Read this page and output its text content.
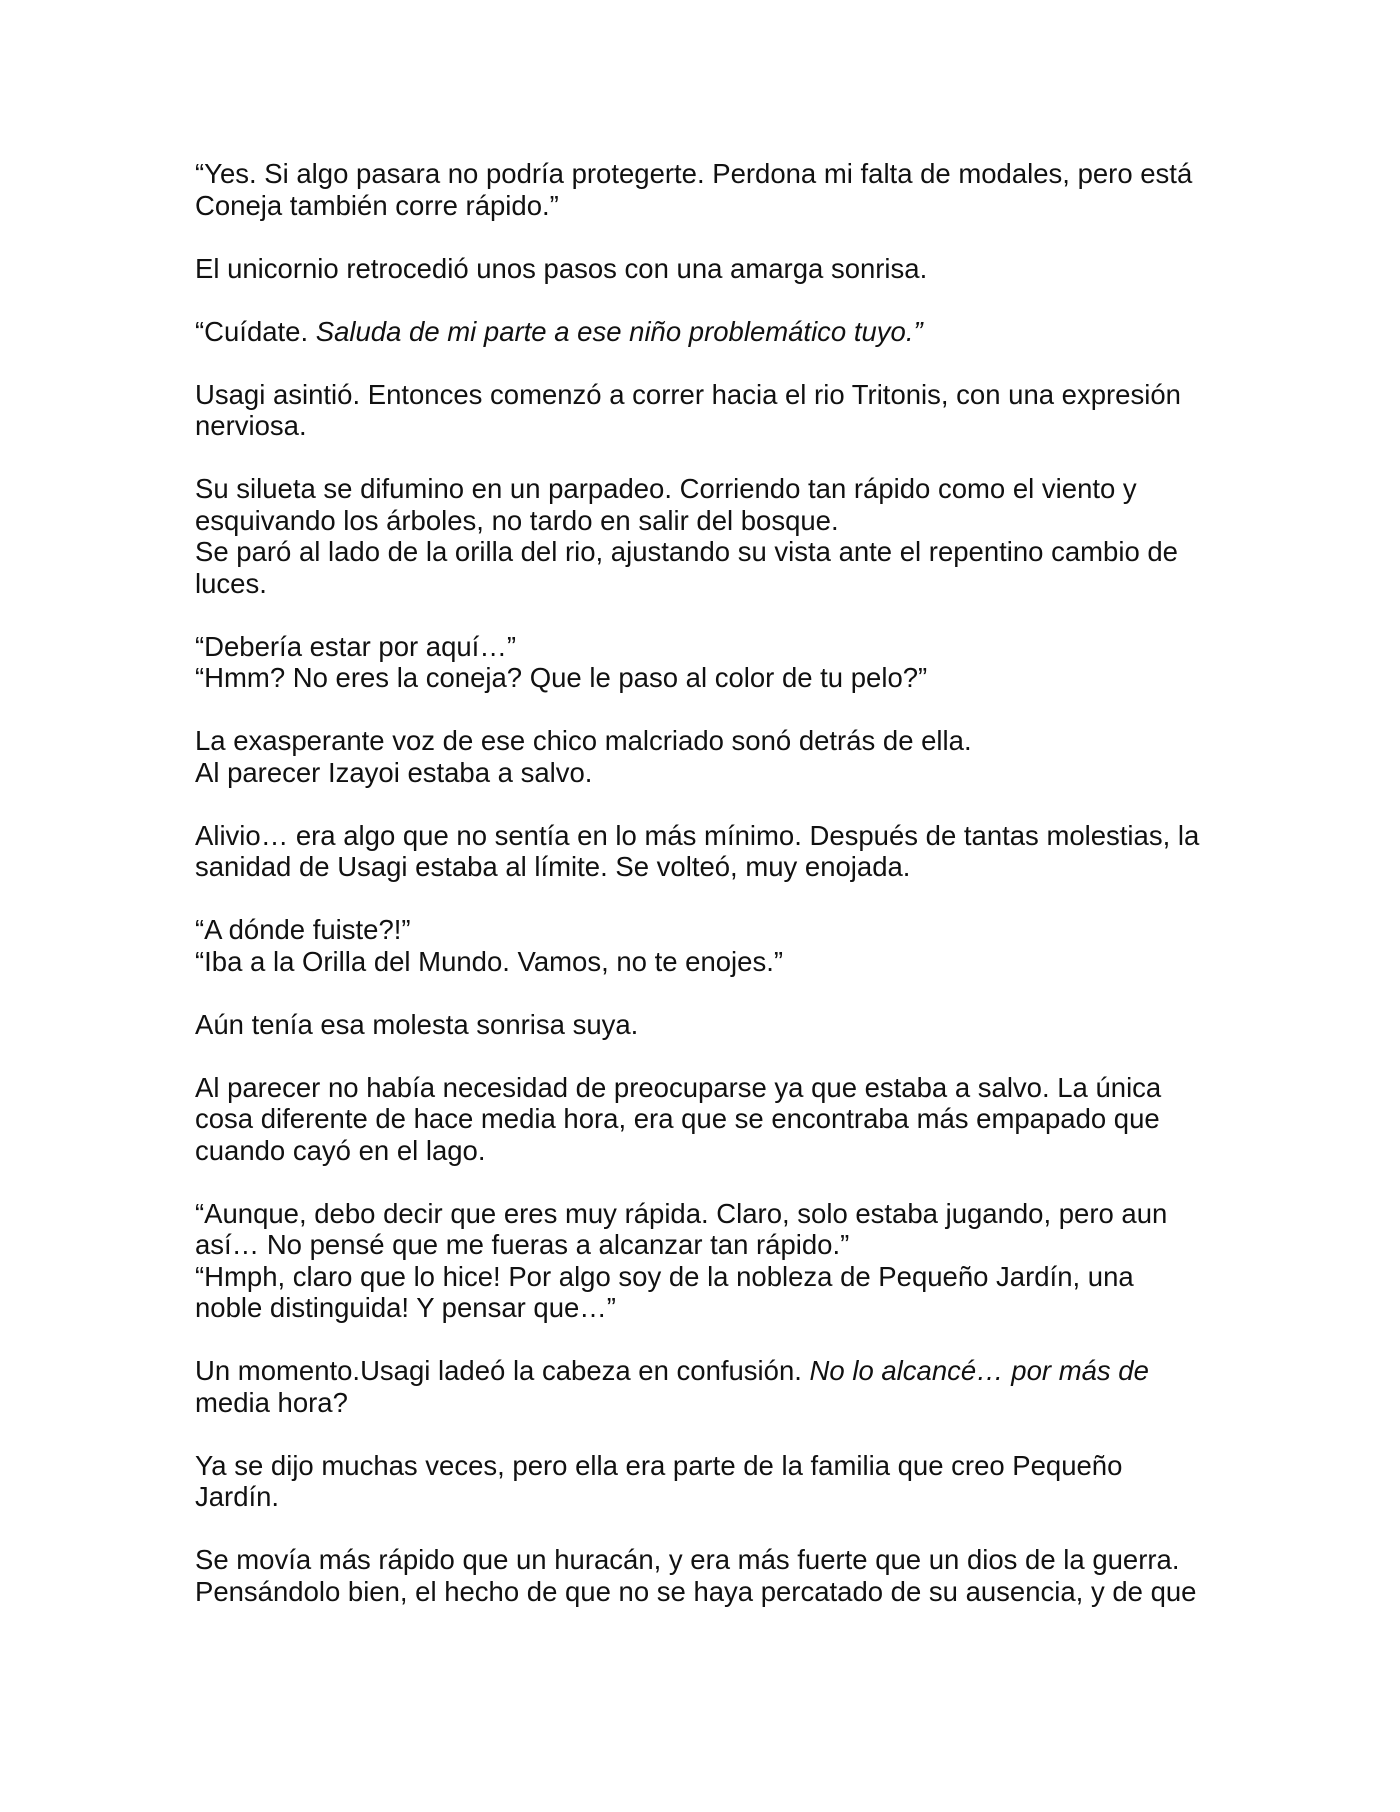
“Yes. Si algo pasara no podría protegerte. Perdona mi falta de modales, pero está
Coneja también corre rápido.”
El unicornio retrocedió unos pasos con una amarga sonrisa.
“Cuídate. Saluda de mi parte a ese niño problemático tuyo.”
Usagi asintió. Entonces comenzó a correr hacia el rio Tritonis, con una expresión
nerviosa.
Su silueta se difumino en un parpadeo. Corriendo tan rápido como el viento y
esquivando los árboles, no tardo en salir del bosque.
Se paró al lado de la orilla del rio, ajustando su vista ante el repentino cambio de
luces.
“Debería estar por aquí…”
“Hmm? No eres la coneja? Que le paso al color de tu pelo?”
La exasperante voz de ese chico malcriado sonó detrás de ella.
Al parecer Izayoi estaba a salvo.
Alivio… era algo que no sentía en lo más mínimo. Después de tantas molestias, la
sanidad de Usagi estaba al límite. Se volteó, muy enojada.
“A dónde fuiste?!”
“Iba a la Orilla del Mundo. Vamos, no te enojes.”
Aún tenía esa molesta sonrisa suya.
Al parecer no había necesidad de preocuparse ya que estaba a salvo. La única
cosa diferente de hace media hora, era que se encontraba más empapado que
cuando cayó en el lago.
“Aunque, debo decir que eres muy rápida. Claro, solo estaba jugando, pero aun
así… No pensé que me fueras a alcanzar tan rápido.”
“Hmph, claro que lo hice! Por algo soy de la nobleza de Pequeño Jardín, una
noble distinguida! Y pensar que…”
Un momento.Usagi ladeó la cabeza en confusión. No lo alcancé… por más de
media hora?
Ya se dijo muchas veces, pero ella era parte de la familia que creo Pequeño
Jardín.
Se movía más rápido que un huracán, y era más fuerte que un dios de la guerra.
Pensándolo bien, el hecho de que no se haya percatado de su ausencia, y de que
